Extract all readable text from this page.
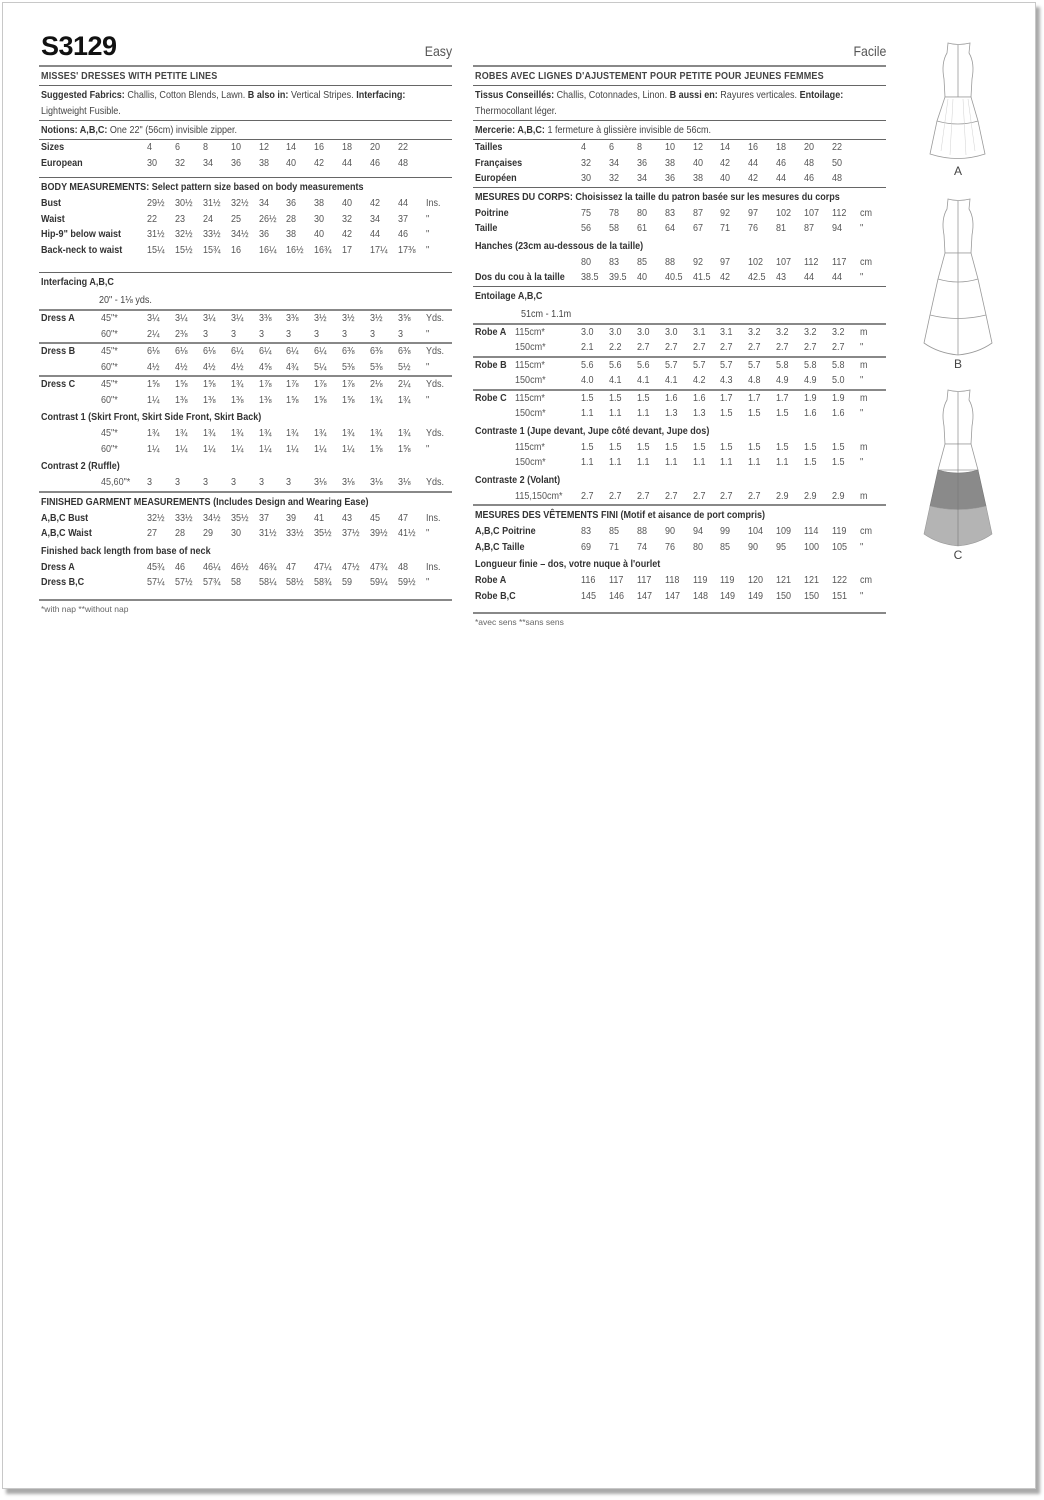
S3129	Easy
MISSES' DRESSES WITH PETITE LINES
Suggested Fabrics: Challis, Cotton Blends, Lawn. B also in: Vertical Stripes. Interfacing:
Lightweight Fusible.
Notions: A,B,C: One 22" (56cm) invisible zipper.
Sizes	4	6	8	10	12	14	16	18	20	22	
European	30	32	34	36	38	40	42	44	46	48	
BODY MEASUREMENTS: Select pattern size based on body measurements
Bust	29½	30½	31½	32½	34	36	38	40	42	44	Ins.
Waist	22	23	24	25	26½	28	30	32	34	37	"
Hip-9" below waist	31½	32½	33½	34½	36	38	40	42	44	46	"
Back-neck to waist	15¼	15½	15¾	16	16¼	16½	16¾	17	17¼	17⅜	"
Interfacing A,B,C
20" - 1⅛ yds.
Dress A	45"*	3¼	3¼	3¼	3¼	3⅜	3⅜	3½	3½	3½	3⅝	Yds.
	60"*	2¼	2⅜	3	3	3	3	3	3	3	3	"
Dress B	45"*	6⅛	6⅛	6⅛	6¼	6¼	6¼	6¼	6⅜	6⅜	6⅜	Yds.
	60"*	4½	4½	4½	4½	4⅝	4¾	5¼	5⅜	5⅜	5½	"
Dress C	45"*	1⅝	1⅝	1⅝	1¾	1⅞	1⅞	1⅞	1⅞	2⅛	2¼	Yds.
	60"*	1¼	1⅜	1⅜	1⅜	1⅜	1⅝	1⅝	1⅝	1¾	1¾	"
Contrast 1 (Skirt Front, Skirt Side Front, Skirt Back)
	45"*	1¾	1¾	1¾	1¾	1¾	1¾	1¾	1¾	1¾	1¾	Yds.
	60"*	1¼	1¼	1¼	1¼	1¼	1¼	1¼	1¼	1⅝	1⅝	"
Contrast 2 (Ruffle)
	45,60"*	3	3	3	3	3	3	3⅛	3⅛	3⅛	3⅛	Yds.
FINISHED GARMENT MEASUREMENTS (Includes Design and Wearing Ease)
A,B,C Bust	32½	33½	34½	35½	37	39	41	43	45	47	Ins.
A,B,C Waist	27	28	29	30	31½	33½	35½	37½	39½	41½	"
Finished back length from base of neck
Dress A	45¾	46	46¼	46½	46¾	47	47¼	47½	47¾	48	Ins.
Dress B,C	57¼	57½	57¾	58	58¼	58½	58¾	59	59¼	59½	"
*with nap **without nap
Facile
ROBES AVEC LIGNES D'AJUSTEMENT POUR PETITE POUR JEUNES FEMMES
Tissus Conseillés: Challis, Cotonnades, Linon. B aussi en: Rayures verticales. Entoilage:
Thermocollant léger.
Mercerie: A,B,C: 1 fermeture à glissière invisible de 56cm.
Tailles	4	6	8	10	12	14	16	18	20	22	
Françaises	32	34	36	38	40	42	44	46	48	50	
Européen	30	32	34	36	38	40	42	44	46	48	
MESURES DU CORPS: Choisissez la taille du patron basée sur les mesures du corps
Poitrine	75	78	80	83	87	92	97	102	107	112	cm
Taille	56	58	61	64	67	71	76	81	87	94	"
Hanches (23cm au-dessous de la taille)
	80	83	85	88	92	97	102	107	112	117	cm
Dos du cou à la taille	38.5	39.5	40	40.5	41.5	42	42.5	43	44	44	"
Entoilage A,B,C
51cm - 1.1m
Robe A	115cm*	3.0	3.0	3.0	3.0	3.1	3.1	3.2	3.2	3.2	3.2	m
	150cm*	2.1	2.2	2.7	2.7	2.7	2.7	2.7	2.7	2.7	2.7	"
Robe B	115cm*	5.6	5.6	5.6	5.7	5.7	5.7	5.7	5.8	5.8	5.8	m
	150cm*	4.0	4.1	4.1	4.1	4.2	4.3	4.8	4.9	4.9	5.0	"
Robe C	115cm*	1.5	1.5	1.5	1.6	1.6	1.7	1.7	1.7	1.9	1.9	m
	150cm*	1.1	1.1	1.1	1.3	1.3	1.5	1.5	1.5	1.6	1.6	"
Contraste 1 (Jupe devant, Jupe côté devant, Jupe dos)
	115cm*	1.5	1.5	1.5	1.5	1.5	1.5	1.5	1.5	1.5	1.5	m
	150cm*	1.1	1.1	1.1	1.1	1.1	1.1	1.1	1.1	1.5	1.5	"
Contraste 2 (Volant)
	115,150cm*	2.7	2.7	2.7	2.7	2.7	2.7	2.7	2.9	2.9	2.9	m
MESURES DES VÊTEMENTS FINI (Motif et aisance de port compris)
A,B,C Poitrine	83	85	88	90	94	99	104	109	114	119	cm
A,B,C Taille	69	71	74	76	80	85	90	95	100	105	"
Longueur finie – dos, votre nuque à l'ourlet
Robe A	116	117	117	118	119	119	120	121	121	122	cm
Robe B,C	145	146	147	147	148	149	149	150	150	151	"
*avec sens **sans sens
A
B
C
